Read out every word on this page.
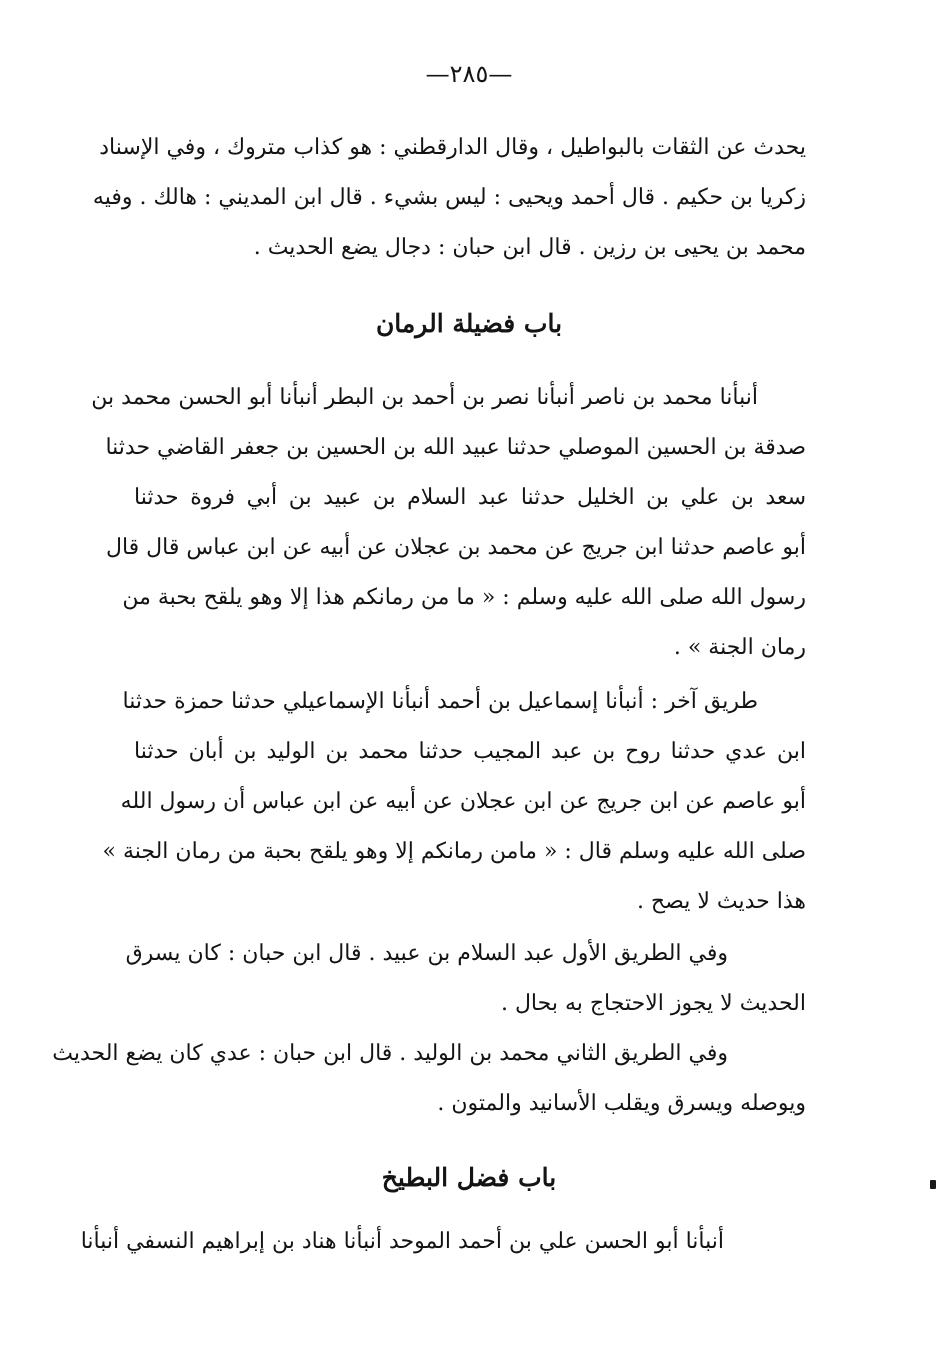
—٢٨٥—
يحدث عن الثقات بالبواطيل ، وقال الدارقطني : هو كذاب متروك ، وفي الإسناد
زكريا بن حكيم . قال أحمد ويحيى : ليس بشيء . قال ابن المديني : هالك . وفيه
محمد بن يحيى بن رزين . قال ابن حبان : دجال يضع الحديث .
باب فضيلة الرمان
أنبأنا محمد بن ناصر أنبأنا نصر بن أحمد بن البطر أنبأنا أبو الحسن محمد بن
صدقة بن الحسين الموصلي حدثنا عبيد الله بن الحسين بن جعفر القاضي حدثنا
سعد بن علي بن الخليل حدثنا عبد السلام بن عبيد بن أبي فروة حدثنا
أبو عاصم حدثنا ابن جريج عن محمد بن عجلان عن أبيه عن ابن عباس قال قال
رسول الله صلى الله عليه وسلم : « ما من رمانكم هذا إلا وهو يلقح بحبة من
رمان الجنة » .
طريق آخر : أنبأنا إسماعيل بن أحمد أنبأنا الإسماعيلي حدثنا حمزة حدثنا
ابن عدي حدثنا روح بن عبد المجيب حدثنا محمد بن الوليد بن أبان حدثنا
أبو عاصم عن ابن جريج عن ابن عجلان عن أبيه عن ابن عباس أن رسول الله
صلى الله عليه وسلم قال : « مامن رمانكم إلا وهو يلقح بحبة من رمان الجنة »
هذا حديث لا يصح .
وفي الطريق الأول عبد السلام بن عبيد . قال ابن حبان : كان يسرق
الحديث لا يجوز الاحتجاج به بحال .
وفي الطريق الثاني محمد بن الوليد . قال ابن حبان : عدي كان يضع الحديث
ويوصله ويسرق ويقلب الأسانيد والمتون .
باب فضل البطيخ
أنبأنا أبو الحسن علي بن أحمد الموحد أنبأنا هناد بن إبراهيم النسفي أنبأنا
